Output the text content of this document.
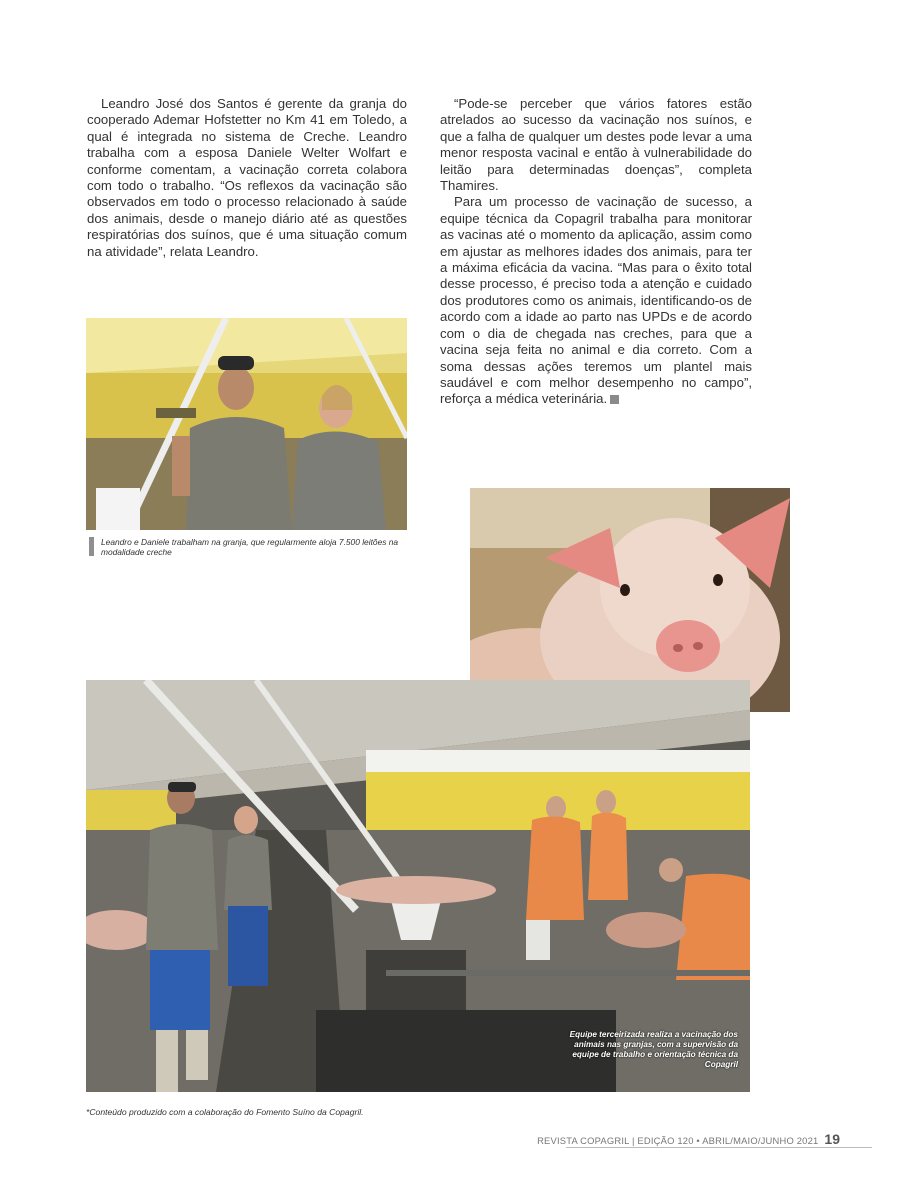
Leandro José dos Santos é gerente da granja do cooperado Ademar Hofstetter no Km 41 em Toledo, a qual é integrada no sistema de Creche. Leandro trabalha com a esposa Daniele Welter Wolfart e conforme comentam, a vacinação correta colabora com todo o trabalho. “Os reflexos da vacinação são observados em todo o processo relacionado à saúde dos animais, desde o manejo diário até as questões respiratórias dos suínos, que é uma situação comum na atividade”, relata Leandro.

“Pode-se perceber que vários fatores estão atrelados ao sucesso da vacinação nos suínos, e que a falha de qualquer um destes pode levar a uma menor resposta vacinal e então à vulnerabilidade do leitão para determinadas doenças”, completa Thamires.

Para um processo de vacinação de sucesso, a equipe técnica da Copagril trabalha para monitorar as vacinas até o momento da aplicação, assim como em ajustar as melhores idades dos animais, para ter a máxima eficácia da vacina. “Mas para o êxito total desse processo, é preciso toda a atenção e cuidado dos produtores como os animais, identificando-os de acordo com a idade ao parto nas UPDs e de acordo com o dia de chegada nas creches, para que a vacina seja feita no animal e dia correto. Com a soma dessas ações teremos um plantel mais saudável e com melhor desempenho no campo”, reforça a médica veterinária.

Leandro e Daniele trabalham na granja, que regularmente aloja 7.500 leitões na modalidade creche
Equipe terceirizada realiza a vacinação dos animais nas granjas, com a supervisão da equipe de trabalho e orientação técnica da Copagril
*Conteúdo produzido com a colaboração do Fomento Suíno da Copagril.
REVISTA COPAGRIL | EDIÇÃO 120 • ABRIL/MAIO/JUNHO 2021 19
